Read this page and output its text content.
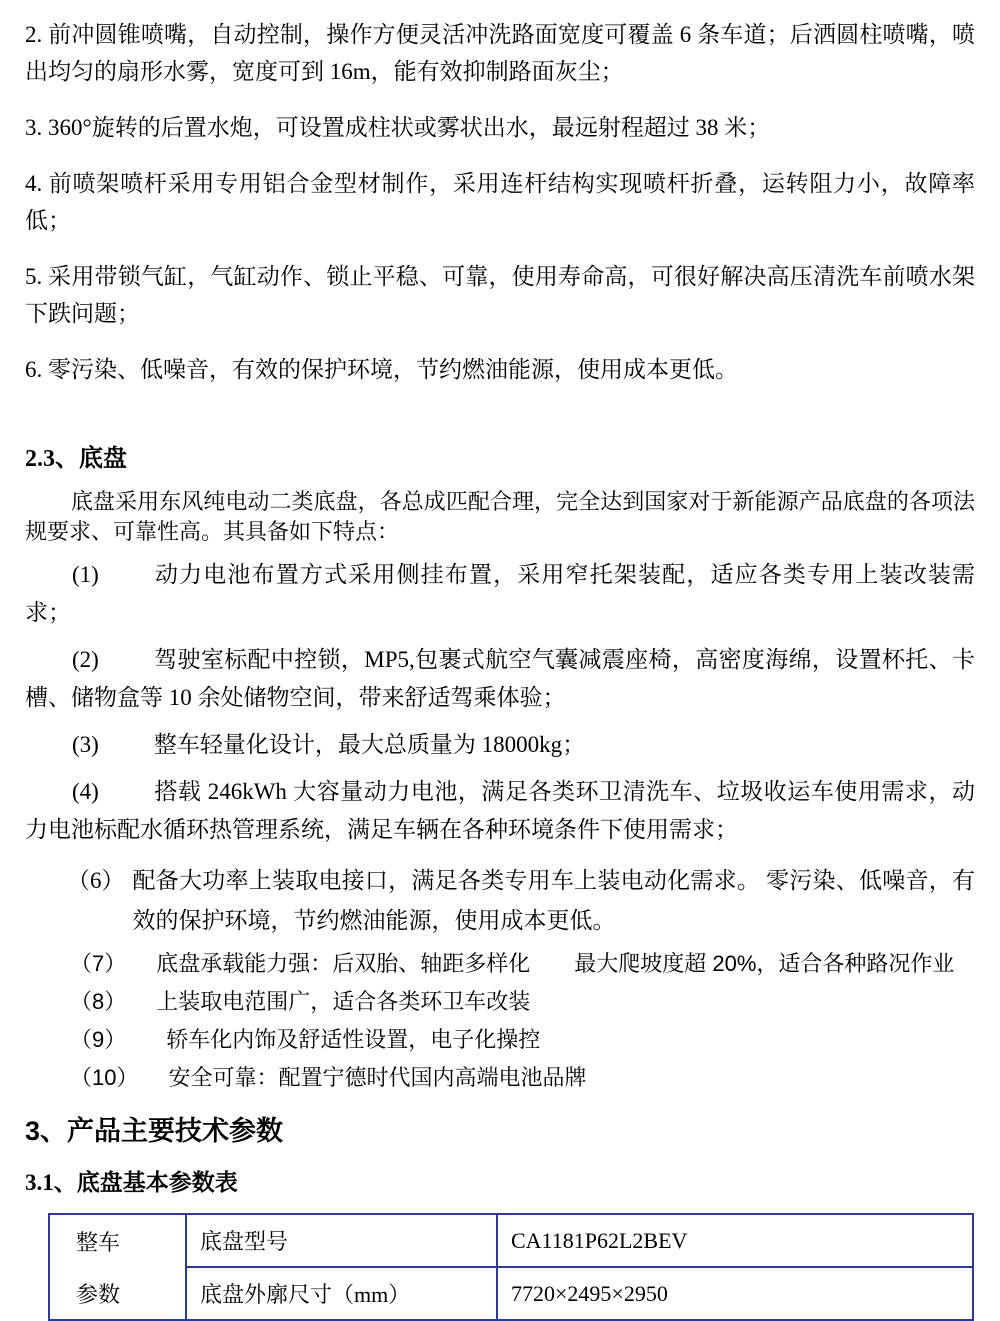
2. 前冲圆锥喷嘴，自动控制，操作方便灵活冲洗路面宽度可覆盖 6 条车道；后洒圆柱喷嘴，喷出均匀的扇形水雾，宽度可到 16m，能有效抑制路面灰尘；

3. 360°旋转的后置水炮，可设置成柱状或雾状出水，最远射程超过 38 米；

4. 前喷架喷杆采用专用铝合金型材制作，采用连杆结构实现喷杆折叠，运转阻力小，故障率低；

5. 采用带锁气缸，气缸动作、锁止平稳、可靠，使用寿命高，可很好解决高压清洗车前喷水架下跌问题；

6. 零污染、低噪音，有效的保护环境，节约燃油能源，使用成本更低。

2.3、底盘

底盘采用东风纯电动二类底盘，各总成匹配合理，完全达到国家对于新能源产品底盘的各项法规要求、可靠性高。其具备如下特点：

(1) 动力电池布置方式采用侧挂布置，采用窄托架装配，适应各类专用上装改装需求；

(2) 驾驶室标配中控锁，MP5,包裹式航空气囊减震座椅，高密度海绵，设置杯托、卡槽、储物盒等 10 余处储物空间，带来舒适驾乘体验；

(3) 整车轻量化设计，最大总质量为 18000kg；

(4) 搭载 246kWh 大容量动力电池，满足各类环卫清洗车、垃圾收运车使用需求，动力电池标配水循环热管理系统，满足车辆在各种环境条件下使用需求；

（6） 配备大功率上装取电接口，满足各类专用车上装电动化需求。 零污染、低噪音，有效的保护环境，节约燃油能源，使用成本更低。

（7） 底盘承载能力强：后双胎、轴距多样化　　最大爬坡度超 20%，适合各种路况作业

（8） 上装取电范围广，适合各类环卫车改装

（9） 轿车化内饰及舒适性设置，电子化操控

（10） 安全可靠：配置宁德时代国内高端电池品牌

3、产品主要技术参数
3.1、底盘基本参数表
整车
参数	底盘型号	CA1181P62L2BEV
	底盘外廓尺寸（mm）	7720×2495×2950
